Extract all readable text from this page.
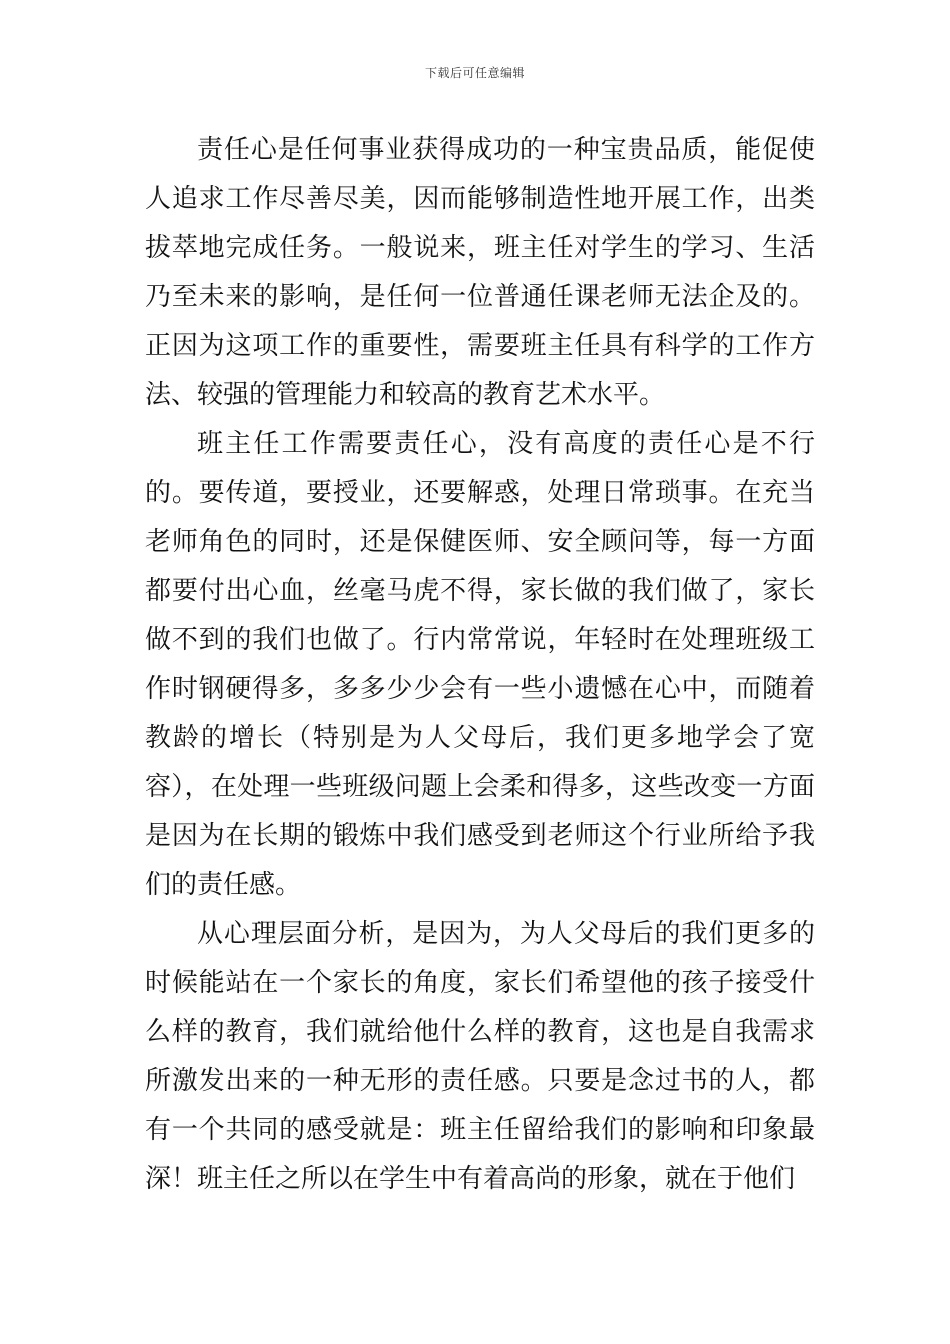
下载后可任意编辑

责任心是任何事业获得成功的一种宝贵品质，能促使人追求工作尽善尽美，因而能够制造性地开展工作，出类拔萃地完成任务。一般说来，班主任对学生的学习、生活乃至未来的影响，是任何一位普通任课老师无法企及的。正因为这项工作的重要性，需要班主任具有科学的工作方法、较强的管理能力和较高的教育艺术水平。

班主任工作需要责任心，没有高度的责任心是不行的。要传道，要授业，还要解惑，处理日常琐事。在充当老师角色的同时，还是保健医师、安全顾问等，每一方面都要付出心血，丝毫马虎不得，家长做的我们做了，家长做不到的我们也做了。行内常常说，年轻时在处理班级工作时钢硬得多，多多少少会有一些小遗憾在心中，而随着教龄的增长（特别是为人父母后，我们更多地学会了宽容），在处理一些班级问题上会柔和得多，这些改变一方面是因为在长期的锻炼中我们感受到老师这个行业所给予我们的责任感。

从心理层面分析，是因为，为人父母后的我们更多的时候能站在一个家长的角度，家长们希望他的孩子接受什么样的教育，我们就给他什么样的教育，这也是自我需求所激发出来的一种无形的责任感。只要是念过书的人，都有一个共同的感受就是：班主任留给我们的影响和印象最深！班主任之所以在学生中有着高尚的形象，就在于他们
